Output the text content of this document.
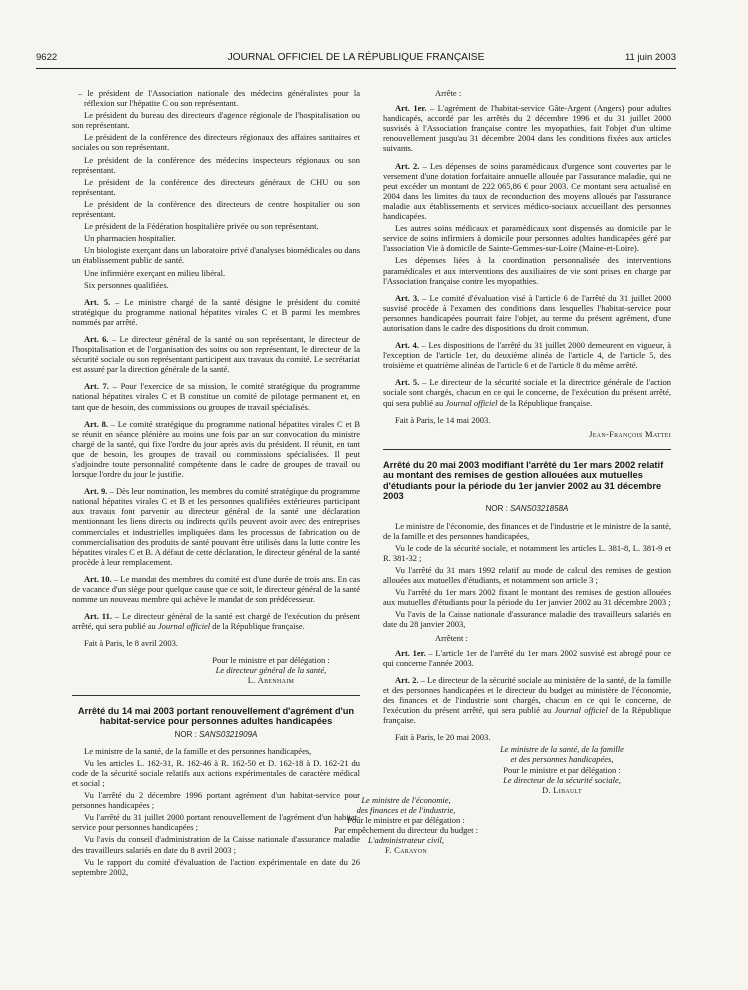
9622	JOURNAL OFFICIEL DE LA RÉPUBLIQUE FRANÇAISE	11 juin 2003

– le président de l'Association nationale des médecins généralistes pour la réflexion sur l'hépatite C ou son représentant.

Le président du bureau des directeurs d'agence régionale de l'hospitalisation ou son représentant.

Le président de la conférence des directeurs régionaux des affaires sanitaires et sociales ou son représentant.

Le président de la conférence des médecins inspecteurs régionaux ou son représentant.

Le président de la conférence des directeurs généraux de CHU ou son représentant.

Le président de la conférence des directeurs de centre hospitalier ou son représentant.

Le président de la Fédération hospitalière privée ou son représentant.

Un pharmacien hospitalier.

Un biologiste exerçant dans un laboratoire privé d'analyses biomédicales ou dans un établissement public de santé.

Une infirmière exerçant en milieu libéral.

Six personnes qualifiées.

Art. 5. – Le ministre chargé de la santé désigne le président du comité stratégique du programme national hépatites virales C et B parmi les membres nommés par arrêté.

Art. 6. – Le directeur général de la santé ou son représentant, le directeur de l'hospitalisation et de l'organisation des soins ou son représentant, le directeur de la sécurité sociale ou son représentant participent aux travaux du comité. Le secrétariat est assuré par la direction générale de la santé.

Art. 7. – Pour l'exercice de sa mission, le comité stratégique du programme national hépatites virales C et B constitue un comité de pilotage permanent et, en tant que de besoin, des commissions ou groupes de travail spécialisés.

Art. 8. – Le comité stratégique du programme national hépatites virales C et B se réunit en séance plénière au moins une fois par an sur convocation du ministre chargé de la santé, qui fixe l'ordre du jour après avis du président. Il réunit, en tant que de besoin, les groupes de travail ou commissions spécialisées. Il peut s'adjoindre toute personnalité compétente dans le cadre de groupes de travail ou lorsque l'ordre du jour le justifie.

Art. 9. – Dès leur nomination, les membres du comité stratégique du programme national hépatites virales C et B et les personnes qualifiées extérieures participant aux travaux font parvenir au directeur général de la santé une déclaration mentionnant les liens directs ou indirects qu'ils peuvent avoir avec des entreprises commerciales et industrielles impliquées dans les processus de fabrication ou de commercialisation des produits de santé pouvant être utilisés dans la lutte contre les hépatites virales C et B. A défaut de cette déclaration, le directeur général de la santé procède à leur remplacement.

Art. 10. – Le mandat des membres du comité est d'une durée de trois ans. En cas de vacance d'un siège pour quelque cause que ce soit, le directeur général de la santé nomme un nouveau membre qui achève le mandat de son prédécesseur.

Art. 11. – Le directeur général de la santé est chargé de l'exécution du présent arrêté, qui sera publié au Journal officiel de la République française.

Fait à Paris, le 8 avril 2003.

Pour le ministre et par délégation :

Le directeur général de la santé,

L. Abenhaim

Arrêté du 14 mai 2003 portant renouvellement d'agrément d'un habitat-service pour personnes adultes handicapées

NOR : SANS0321909A

Le ministre de la santé, de la famille et des personnes handicapées,

Vu les articles L. 162-31, R. 162-46 à R. 162-50 et D. 162-18 à D. 162-21 du code de la sécurité sociale relatifs aux actions expérimentales de caractère médical et social ;

Vu l'arrêté du 2 décembre 1996 portant agrément d'un habitat-service pour personnes handicapées ;

Vu l'arrêté du 31 juillet 2000 portant renouvellement de l'agrément d'un habitat-service pour personnes handicapées ;

Vu l'avis du conseil d'administration de la Caisse nationale d'assurance maladie des travailleurs salariés en date du 8 avril 2003 ;

Vu le rapport du comité d'évaluation de l'action expérimentale en date du 26 septembre 2002,

Arrête :

Art. 1er. – L'agrément de l'habitat-service Gâte-Argent (Angers) pour adultes handicapés, accordé par les arrêtés du 2 décembre 1996 et du 31 juillet 2000 susvisés à l'Association française contre les myopathies, fait l'objet d'un ultime renouvellement jusqu'au 31 décembre 2004 dans les conditions fixées aux articles suivants.

Art. 2. – Les dépenses de soins paramédicaux d'urgence sont couvertes par le versement d'une dotation forfaitaire annuelle allouée par l'assurance maladie, qui ne peut excéder un montant de 222 065,86 € pour 2003. Ce montant sera actualisé en 2004 dans les limites du taux de reconduction des moyens alloués par l'assurance maladie aux établissements et services médico-sociaux accueillant des personnes handicapées.

Les autres soins médicaux et paramédicaux sont dispensés au domicile par le service de soins infirmiers à domicile pour personnes adultes handicapées géré par l'association Vie à domicile de Sainte-Gemmes-sur-Loire (Maine-et-Loire).

Les dépenses liées à la coordination personnalisée des interventions paramédicales et aux interventions des auxiliaires de vie sont prises en charge par l'Association française contre les myopathies.

Art. 3. – Le comité d'évaluation visé à l'article 6 de l'arrêté du 31 juillet 2000 susvisé procède à l'examen des conditions dans lesquelles l'habitat-service pour personnes handicapées pourrait faire l'objet, au terme du présent agrément, d'une autorisation dans le cadre des dispositions du droit commun.

Art. 4. – Les dispositions de l'arrêté du 31 juillet 2000 demeurent en vigueur, à l'exception de l'article 1er, du deuxième alinéa de l'article 4, de l'article 5, des troisième et quatrième alinéas de l'article 6 et de l'article 8 du même arrêté.

Art. 5. – Le directeur de la sécurité sociale et la directrice générale de l'action sociale sont chargés, chacun en ce qui le concerne, de l'exécution du présent arrêté, qui sera publié au Journal officiel de la République française.

Fait à Paris, le 14 mai 2003.

Jean-François Mattei

Arrêté du 20 mai 2003 modifiant l'arrêté du 1er mars 2002 relatif au montant des remises de gestion allouées aux mutuelles d'étudiants pour la période du 1er janvier 2002 au 31 décembre 2003

NOR : SANS0321858A

Le ministre de l'économie, des finances et de l'industrie et le ministre de la santé, de la famille et des personnes handicapées,

Vu le code de la sécurité sociale, et notamment les articles L. 381-8, L. 381-9 et R. 381-32 ;

Vu l'arrêté du 31 mars 1992 relatif au mode de calcul des remises de gestion allouées aux mutuelles d'étudiants, et notamment son article 3 ;

Vu l'arrêté du 1er mars 2002 fixant le montant des remises de gestion allouées aux mutuelles d'étudiants pour la période du 1er janvier 2002 au 31 décembre 2003 ;

Vu l'avis de la Caisse nationale d'assurance maladie des travailleurs salariés en date du 28 janvier 2003,

Arrêtent :

Art. 1er. – L'article 1er de l'arrêté du 1er mars 2002 susvisé est abrogé pour ce qui concerne l'année 2003.

Art. 2. – Le directeur de la sécurité sociale au ministère de la santé, de la famille et des personnes handicapées et le directeur du budget au ministère de l'économie, des finances et de l'industrie sont chargés, chacun en ce qui le concerne, de l'exécution du présent arrêté, qui sera publié au Journal officiel de la République française.

Fait à Paris, le 20 mai 2003.

Le ministre de la santé, de la famille

et des personnes handicapées,

Pour le ministre et par délégation :

Le directeur de la sécurité sociale,

D. Libault

Le ministre de l'économie,

des finances et de l'industrie,

Pour le ministre et par délégation :

Par empêchement du directeur du budget :

L'administrateur civil,

F. Carayon
